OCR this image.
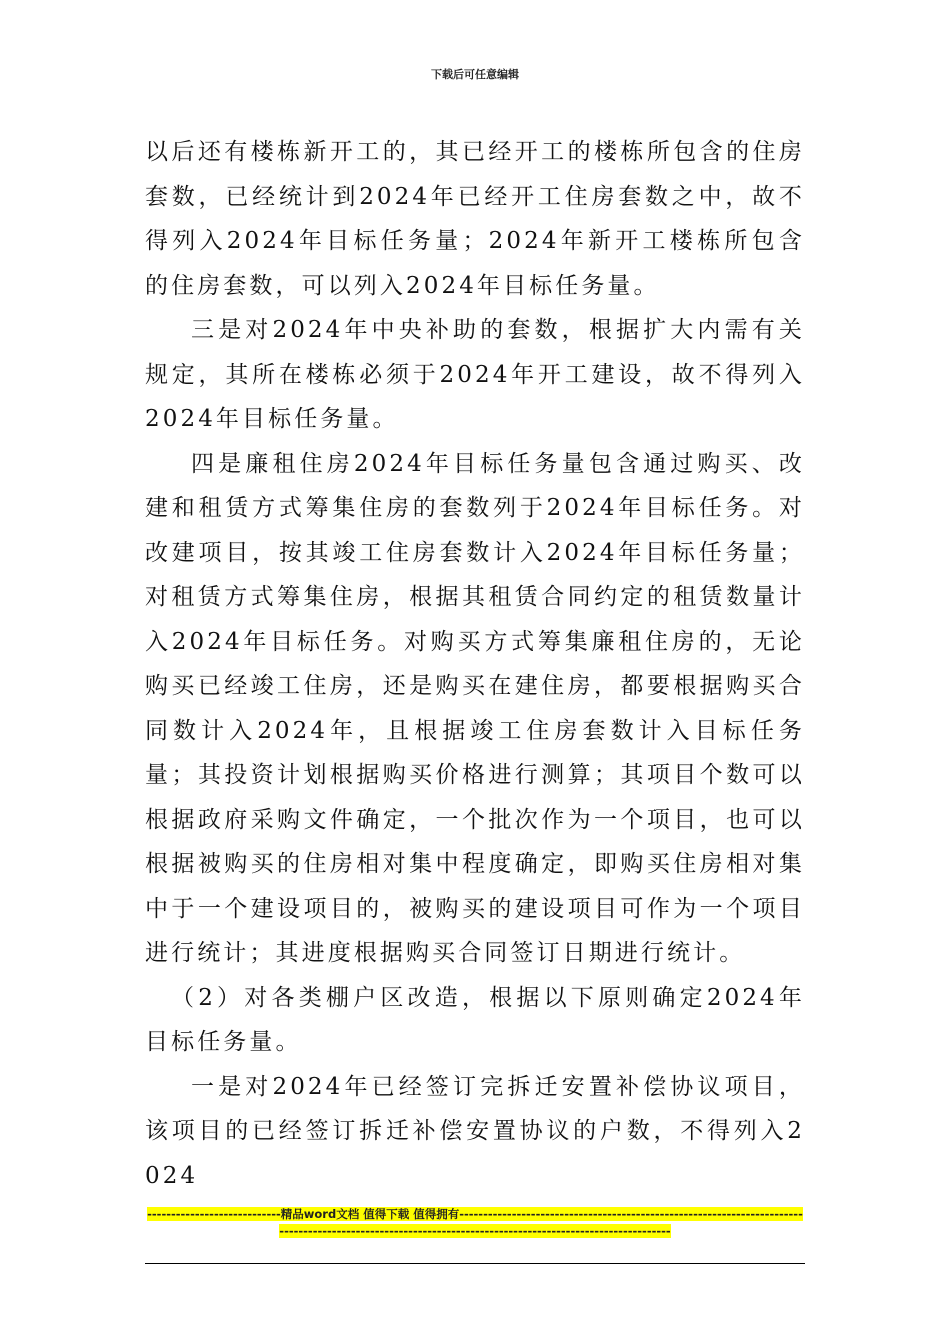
下载后可任意编辑

以后还有楼栋新开工的，其已经开工的楼栋所包含的住房套数，已经统计到2024年已经开工住房套数之中，故不得列入2024年目标任务量；2024年新开工楼栋所包含的住房套数，可以列入2024年目标任务量。

三是对2024年中央补助的套数，根据扩大内需有关规定，其所在楼栋必须于2024年开工建设，故不得列入2024年目标任务量。

四是廉租住房2024年目标任务量包含通过购买、改建和租赁方式筹集住房的套数列于2024年目标任务。对改建项目，按其竣工住房套数计入2024年目标任务量；对租赁方式筹集住房，根据其租赁合同约定的租赁数量计入2024年目标任务。对购买方式筹集廉租住房的，无论购买已经竣工住房，还是购买在建住房，都要根据购买合同数计入2024年，且根据竣工住房套数计入目标任务量；其投资计划根据购买价格进行测算；其项目个数可以根据政府采购文件确定，一个批次作为一个项目，也可以根据被购买的住房相对集中程度确定，即购买住房相对集中于一个建设项目的，被购买的建设项目可作为一个项目进行统计；其进度根据购买合同签订日期进行统计。

（2）对各类棚户区改造，根据以下原则确定2024年目标任务量。

一是对2024年已经签订完拆迁安置补偿协议项目，该项目的已经签订拆迁补偿安置协议的户数，不得列入2024

----------------------------精品word文档 值得下载 值得拥有----------------------------------------------------------------------------------------------------------------------------------------------------------
